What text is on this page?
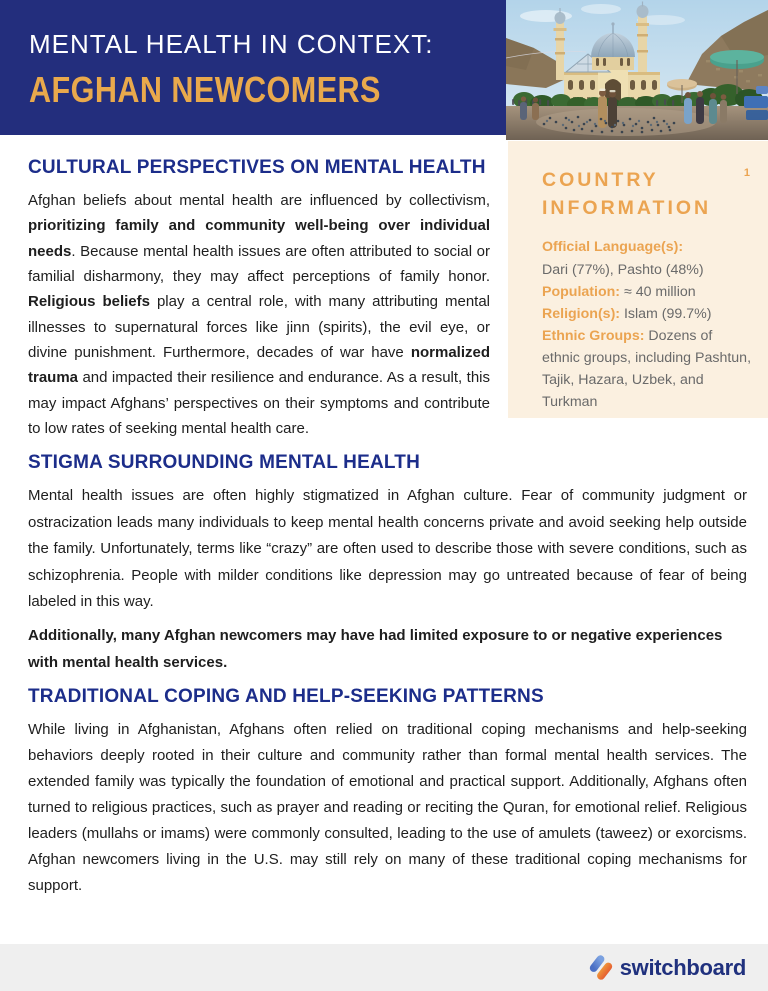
MENTAL HEALTH IN CONTEXT:
AFGHAN NEWCOMERS
COUNTRY INFORMATION
1
Official Language(s):
Dari (77%), Pashto (48%)
Population: ≈ 40 million
Religion(s): Islam (99.7%)
Ethnic Groups: Dozens of ethnic groups, including Pashtun, Tajik, Hazara, Uzbek, and Turkman
CULTURAL PERSPECTIVES ON MENTAL HEALTH

Afghan beliefs about mental health are influenced by collectivism, prioritizing family and community well-being over individual needs. Because mental health issues are often attributed to social or familial disharmony, they may affect perceptions of family honor. Religious beliefs play a central role, with many attributing mental illnesses to supernatural forces like jinn (spirits), the evil eye, or divine punishment. Furthermore, decades of war have normalized trauma and impacted their resilience and endurance. As a result, this may impact Afghans’ perspectives on their symptoms and contribute to low rates of seeking mental health care.

STIGMA SURROUNDING MENTAL HEALTH

Mental health issues are often highly stigmatized in Afghan culture. Fear of community judgment or ostracization leads many individuals to keep mental health concerns private and avoid seeking help outside the family. Unfortunately, terms like “crazy” are often used to describe those with severe conditions, such as schizophrenia. People with milder conditions like depression may go untreated because of fear of being labeled in this way.

Additionally, many Afghan newcomers may have had limited exposure to or negative experiences with mental health services.

TRADITIONAL COPING AND HELP-SEEKING PATTERNS

While living in Afghanistan, Afghans often relied on traditional coping mechanisms and help-seeking behaviors deeply rooted in their culture and community rather than formal mental health services. The extended family was typically the foundation of emotional and practical support. Additionally, Afghans often turned to religious practices, such as prayer and reading or reciting the Quran, for emotional relief. Religious leaders (mullahs or imams) were commonly consulted, leading to the use of amulets (taweez) or exorcisms. Afghan newcomers living in the U.S. may still rely on many of these traditional coping mechanisms for support.

switchboard
